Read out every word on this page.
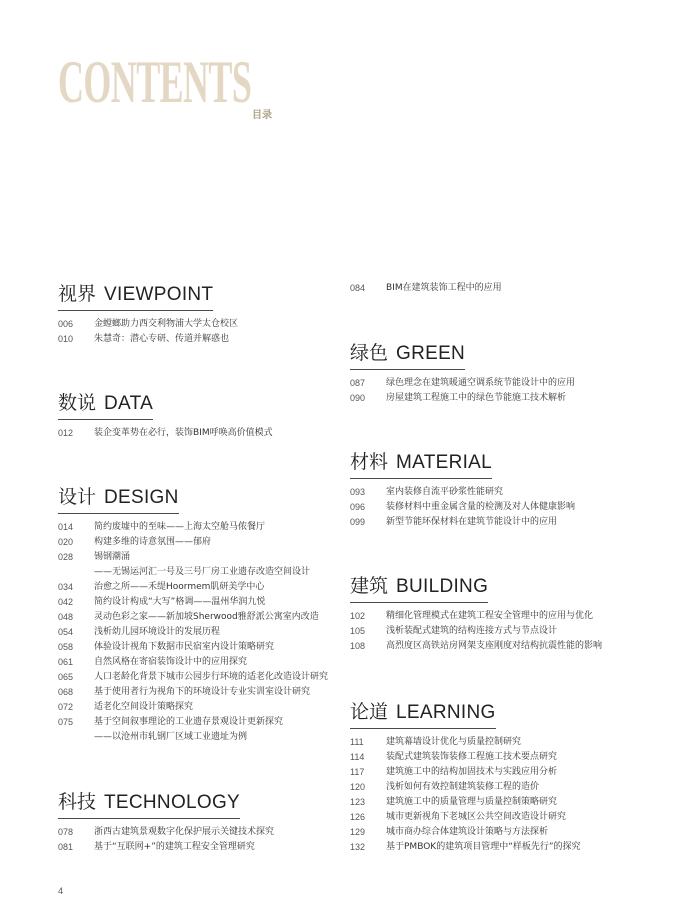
CONTENTS
目录
视界 VIEWPOINT
006	金螳螂助力西交利物浦大学太仓校区
010	朱慧奇：潜心专研、传道并解惑也
数说 DATA
012	装企变革势在必行，装饰BIM呼唤高价值模式
设计 DESIGN
014	简约废墟中的至味——上海太空舱马侬餐厅
020	构建多维的诗意氛围——郁府
028	锡钢潮涌
——无锡运河汇一号及三号厂房工业遗存改造空间设计
034	治愈之所——禾缇Hoormem肌研美学中心
042	简约设计构成“大写”格调——温州华润九悦
048	灵动色彩之家——新加坡Sherwood雅舒派公寓室内改造
054	浅析幼儿园环境设计的发展历程
058	体验设计视角下数据市民宿室内设计策略研究
061	自然风格在寄宿装饰设计中的应用探究
065	人口老龄化背景下城市公园步行环境的适老化改造设计研究
068	基于使用者行为视角下的环境设计专业实训室设计研究
072	适老化空间设计策略探究
075	基于空间叙事理论的工业遗存景观设计更新探究
——以沧州市轧钢厂区域工业遗址为例
科技 TECHNOLOGY
078	浙西古建筑景观数字化保护展示关键技术探究
081	基于“互联网+”的建筑工程安全管理研究
084	BIM在建筑装饰工程中的应用
绿色 GREEN
087	绿色理念在建筑暖通空调系统节能设计中的应用
090	房屋建筑工程施工中的绿色节能施工技术解析
材料 MATERIAL
093	室内装修自流平砂浆性能研究
096	装修材料中重金属含量的检测及对人体健康影响
099	新型节能环保材料在建筑节能设计中的应用
建筑 BUILDING
102	精细化管理模式在建筑工程安全管理中的应用与优化
105	浅析装配式建筑的结构连接方式与节点设计
108	高烈度区高铁站房网架支座刚度对结构抗震性能的影响
论道 LEARNING
111	建筑幕墙设计优化与质量控制研究
114	装配式建筑装饰装修工程施工技术要点研究
117	建筑施工中的结构加固技术与实践应用分析
120	浅析如何有效控制建筑装修工程的造价
123	建筑施工中的质量管理与质量控制策略研究
126	城市更新视角下老城区公共空间改造设计研究
129	城市商办综合体建筑设计策略与方法探析
132	基于PMBOK的建筑项目管理中“样板先行”的探究
4
